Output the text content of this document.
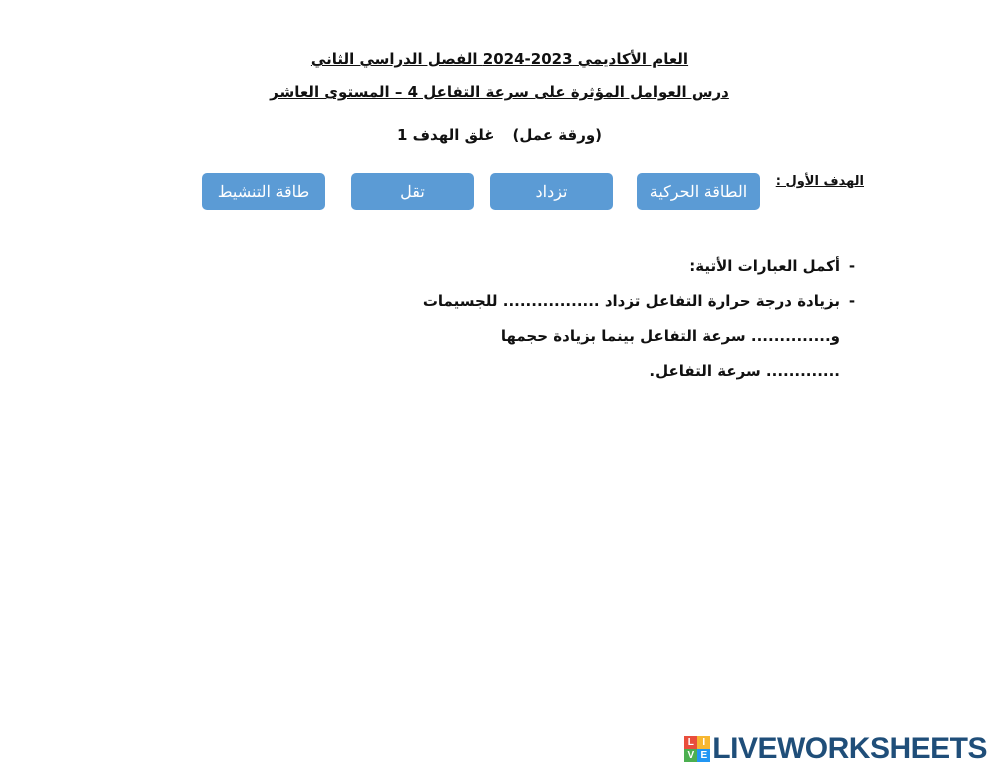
العام الأكاديمي 2023-2024 الفصل الدراسي الثاني
درس العوامل المؤثرة على سرعة التفاعل 4 – المستوى العاشر
(ورقة عمل)غلق الهدف 1
الهدف الأول :
الطاقة الحركية
تزداد
تقل
طاقة التنشيط
-أكمل العبارات الأتية:
-بزيادة درجة حرارة التفاعل تزداد ................. للجسيمات
و.............. سرعة التفاعل بينما بزيادة حجمها
............. سرعة التفاعل.
L I
V E LIVEWORKSHEETS
